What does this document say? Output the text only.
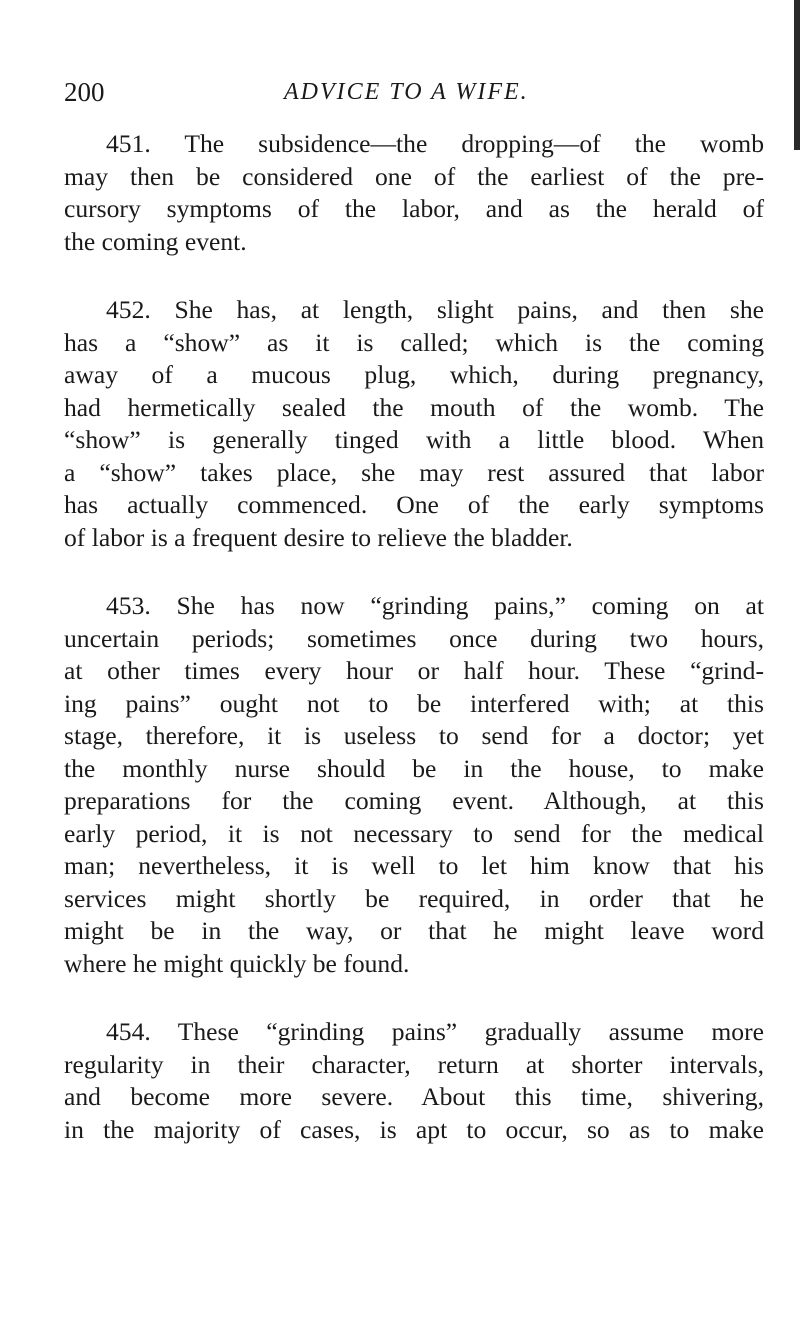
200	ADVICE TO A WIFE.
451. The subsidence—the dropping—of the womb
may then be considered one of the earliest of the pre-
cursory symptoms of the labor, and as the herald of
the coming event.
452. She has, at length, slight pains, and then she
has a “show” as it is called; which is the coming
away of a mucous plug, which, during pregnancy,
had hermetically sealed the mouth of the womb. The
“show” is generally tinged with a little blood. When
a “show” takes place, she may rest assured that labor
has actually commenced. One of the early symptoms
of labor is a frequent desire to relieve the bladder.
453. She has now “grinding pains,” coming on at
uncertain periods; sometimes once during two hours,
at other times every hour or half hour. These “grind-
ing pains” ought not to be interfered with; at this
stage, therefore, it is useless to send for a doctor; yet
the monthly nurse should be in the house, to make
preparations for the coming event. Although, at this
early period, it is not necessary to send for the medical
man; nevertheless, it is well to let him know that his
services might shortly be required, in order that he
might be in the way, or that he might leave word
where he might quickly be found.
454. These “grinding pains” gradually assume more
regularity in their character, return at shorter intervals,
and become more severe. About this time, shivering,
in the majority of cases, is apt to occur, so as to make
